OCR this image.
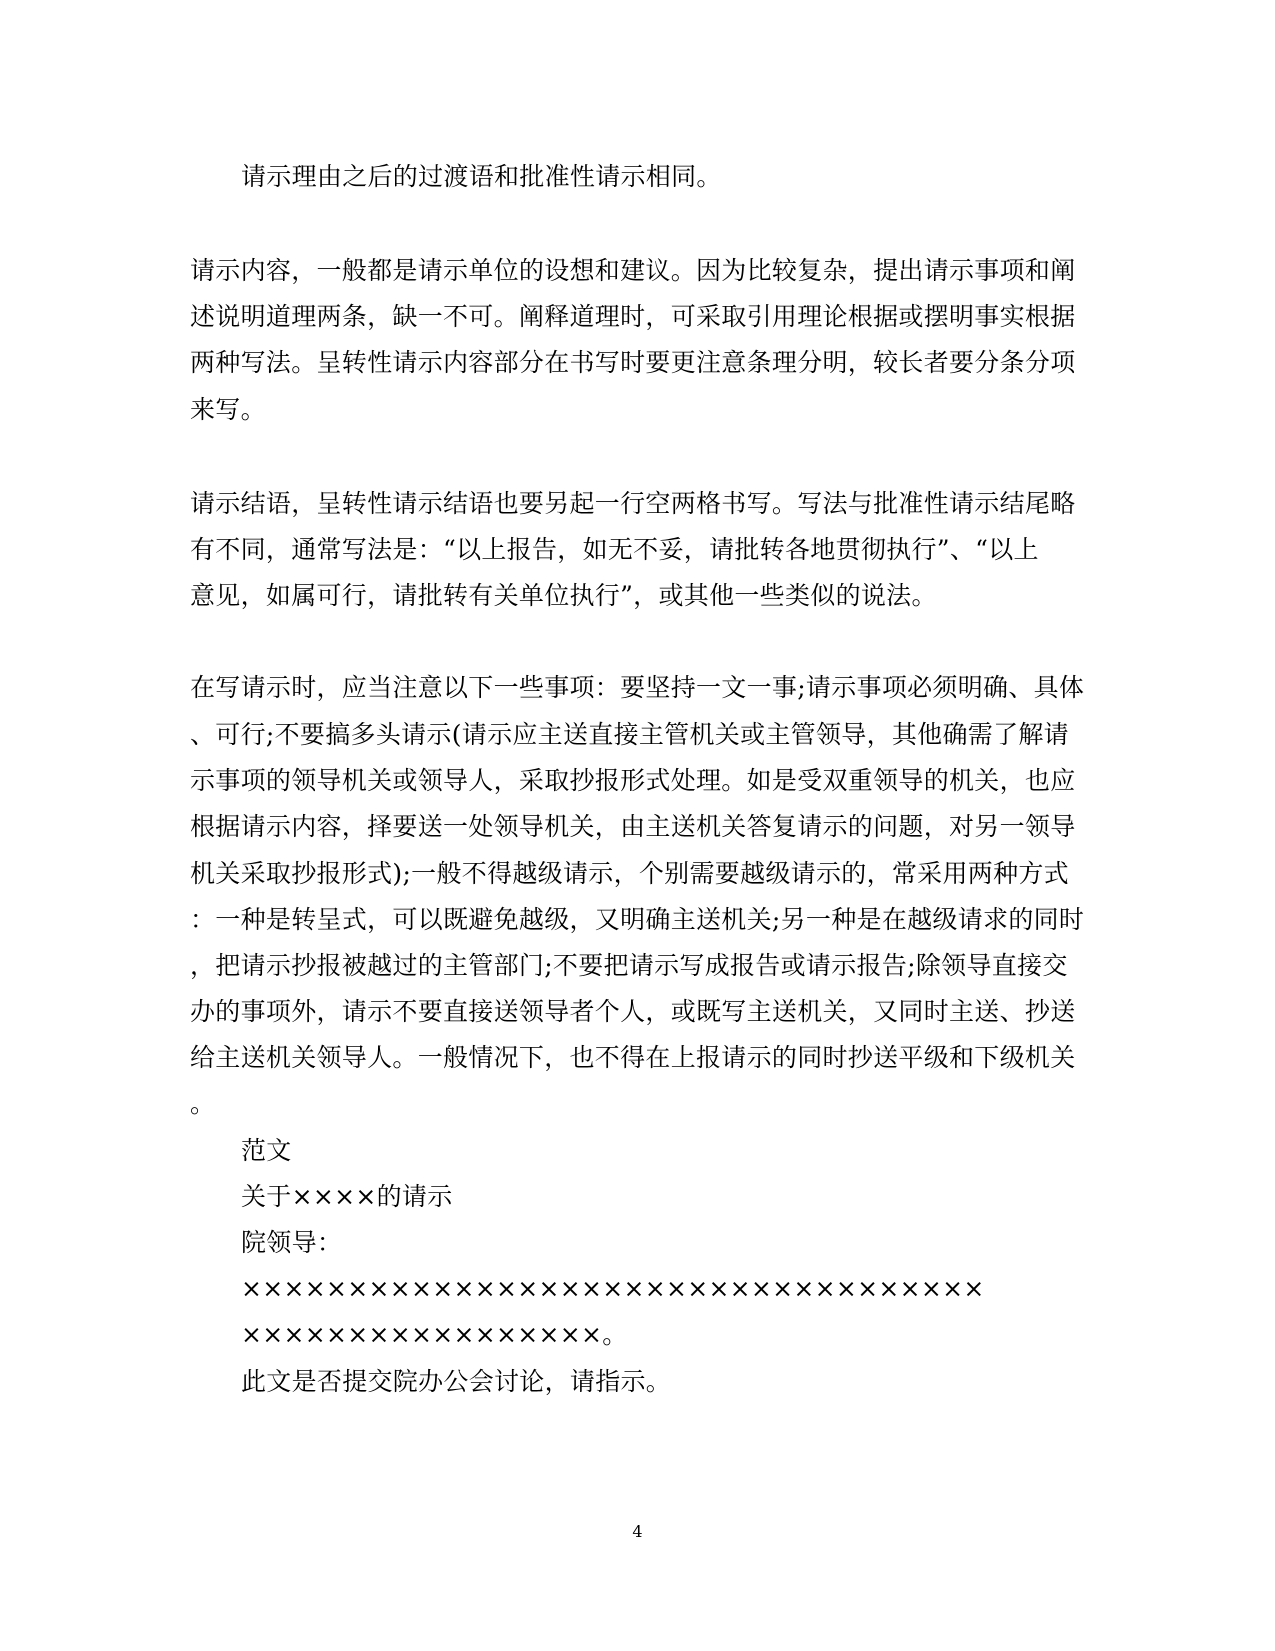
请示理由之后的过渡语和批准性请示相同。
请示内容，一般都是请示单位的设想和建议。因为比较复杂，提出请示事项和阐
述说明道理两条，缺一不可。阐释道理时，可采取引用理论根据或摆明事实根据
两种写法。呈转性请示内容部分在书写时要更注意条理分明，较长者要分条分项
来写。
请示结语，呈转性请示结语也要另起一行空两格书写。写法与批准性请示结尾略
有不同，通常写法是：“以上报告，如无不妥，请批转各地贯彻执行”、“以上
意见，如属可行，请批转有关单位执行”，或其他一些类似的说法。
在写请示时，应当注意以下一些事项：要坚持一文一事;请示事项必须明确、具体
、可行;不要搞多头请示(请示应主送直接主管机关或主管领导，其他确需了解请
示事项的领导机关或领导人，采取抄报形式处理。如是受双重领导的机关，也应
根据请示内容，择要送一处领导机关，由主送机关答复请示的问题，对另一领导
机关采取抄报形式);一般不得越级请示，个别需要越级请示的，常采用两种方式
：一种是转呈式，可以既避免越级，又明确主送机关;另一种是在越级请求的同时
，把请示抄报被越过的主管部门;不要把请示写成报告或请示报告;除领导直接交
办的事项外，请示不要直接送领导者个人，或既写主送机关，又同时主送、抄送
给主送机关领导人。一般情况下，也不得在上报请示的同时抄送平级和下级机关
。
范文
关于××××的请示
院领导：
×××××××××××××××××××××××××××××××××××
×××××××××××××××××。
此文是否提交院办公会讨论，请指示。
4
